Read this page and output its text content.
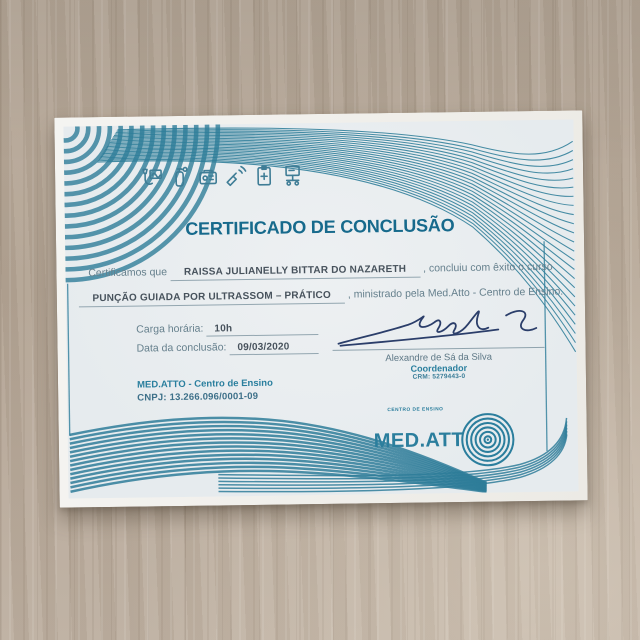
CERTIFICADO DE CONCLUSÃO
Certificamos que	RAISSA JULIANELLY BITTAR DO NAZARETH	, concluiu com êxito o curso
PUNÇÃO GUIADA POR ULTRASSOM – PRÁTICO	, ministrado pela Med.Atto - Centro de Ensino.
Carga horária:	10h
Data da conclusão:	09/03/2020
Alexandre de Sá da Silva
Coordenador
CRM: 5279443-0
MED.ATTO - Centro de Ensino
CNPJ: 13.266.096/0001-09
CENTRO DE ENSINO
MED.ATT
